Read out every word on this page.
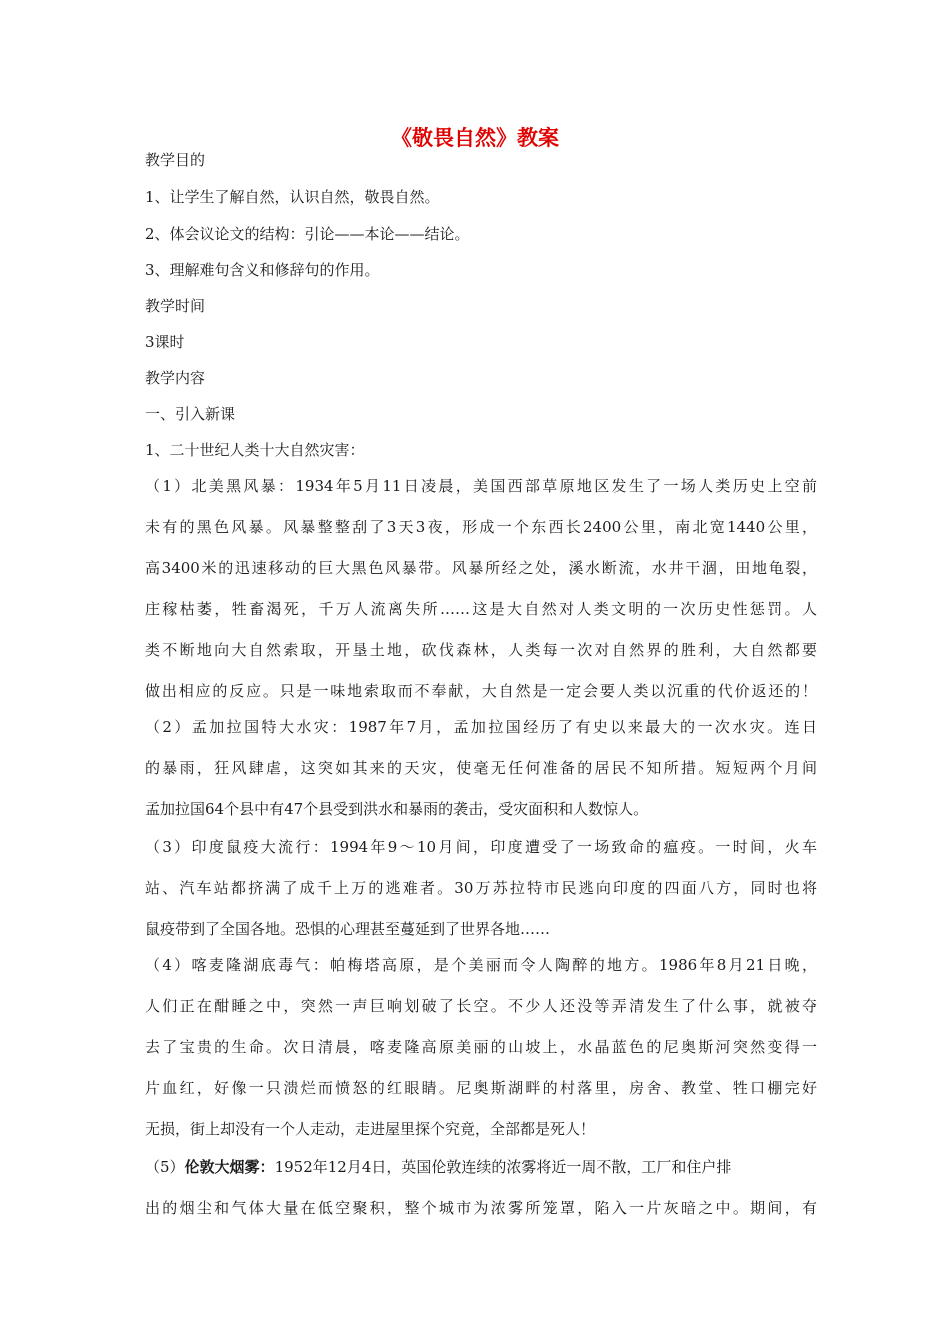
《敬畏自然》教案

教学目的

1、让学生了解自然，认识自然，敬畏自然。

2、体会议论文的结构：引论——本论——结论。

3、理解难句含义和修辞句的作用。

教学时间

3课时

教学内容

一、引入新课

1、二十世纪人类十大自然灾害：

（1）北美黑风暴：1934年5月11日凌晨，美国西部草原地区发生了一场人类历史上空前

未有的黑色风暴。风暴整整刮了3天3夜，形成一个东西长2400公里，南北宽1440公里，

高3400米的迅速移动的巨大黑色风暴带。风暴所经之处，溪水断流，水井干涸，田地龟裂，

庄稼枯萎，牲畜渴死，千万人流离失所……这是大自然对人类文明的一次历史性惩罚。人

类不断地向大自然索取，开垦土地，砍伐森林，人类每一次对自然界的胜利，大自然都要

做出相应的反应。只是一味地索取而不奉献，大自然是一定会要人类以沉重的代价返还的！

（2）孟加拉国特大水灾：1987年7月，孟加拉国经历了有史以来最大的一次水灾。连日

的暴雨，狂风肆虐，这突如其来的天灾，使毫无任何准备的居民不知所措。短短两个月间

孟加拉国64个县中有47个县受到洪水和暴雨的袭击，受灾面积和人数惊人。

（3）印度鼠疫大流行：1994年9～10月间，印度遭受了一场致命的瘟疫。一时间，火车

站、汽车站都挤满了成千上万的逃难者。30万苏拉特市民逃向印度的四面八方，同时也将

鼠疫带到了全国各地。恐惧的心理甚至蔓延到了世界各地……

（4）喀麦隆湖底毒气：帕梅塔高原，是个美丽而令人陶醉的地方。1986年8月21日晚，

人们正在酣睡之中，突然一声巨响划破了长空。不少人还没等弄清发生了什么事，就被夺

去了宝贵的生命。次日清晨，喀麦隆高原美丽的山坡上，水晶蓝色的尼奥斯河突然变得一

片血红，好像一只溃烂而愤怒的红眼睛。尼奥斯湖畔的村落里，房舍、教堂、牲口棚完好

无损，街上却没有一个人走动，走进屋里探个究竟，全部都是死人！

（5）伦敦大烟雾：1952年12月4日，英国伦敦连续的浓雾将近一周不散，工厂和住户排

出的烟尘和气体大量在低空聚积，整个城市为浓雾所笼罩，陷入一片灰暗之中。期间，有
